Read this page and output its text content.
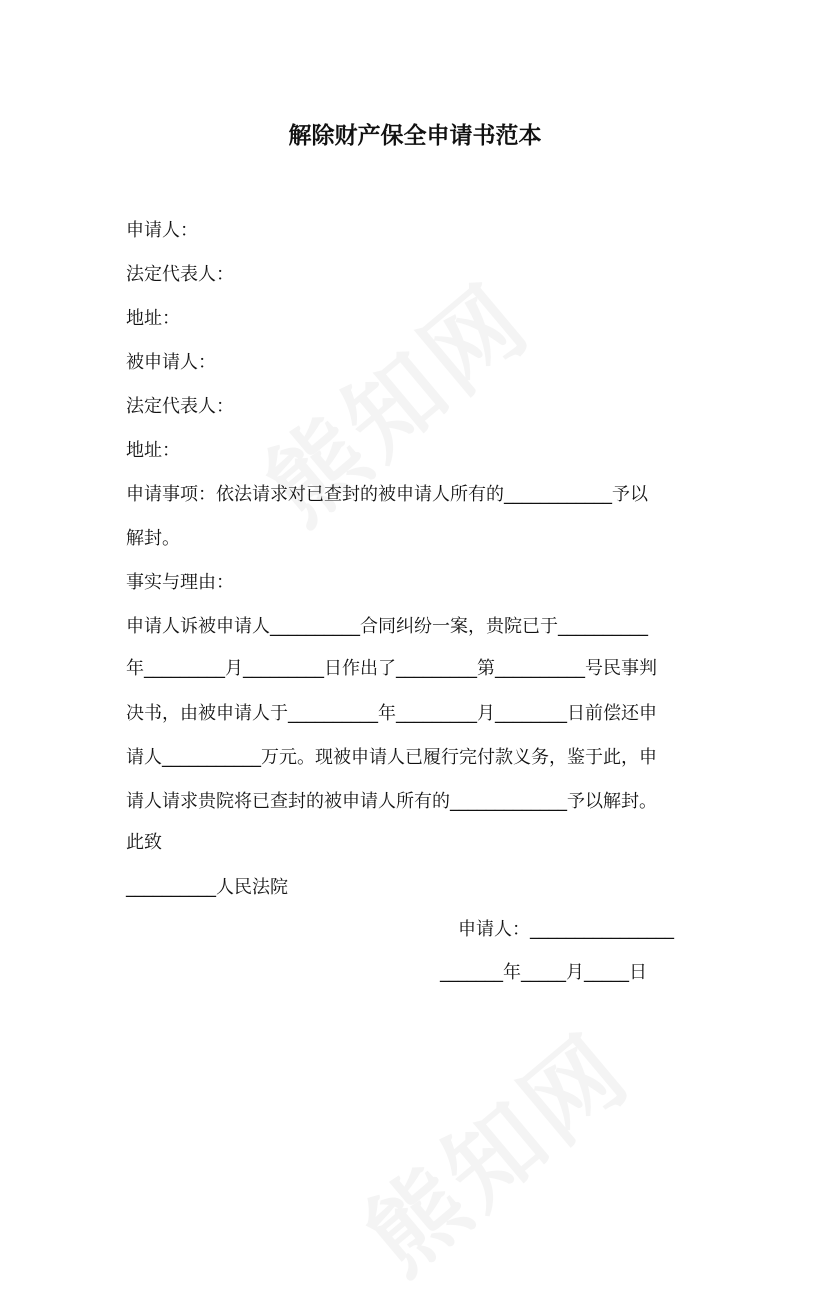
解除财产保全申请书范本
申请人：
法定代表人：
地址：
被申请人：
法定代表人：
地址：
申请事项：依法请求对已查封的被申请人所有的____________予以
解封。
事实与理由：
申请人诉被申请人__________合同纠纷一案，贵院已于__________
年_________月_________日作出了_________第__________号民事判
决书，由被申请人于__________年_________月________日前偿还申
请人___________万元。现被申请人已履行完付款义务，鉴于此，申
请人请求贵院将已查封的被申请人所有的_____________予以解封。
此致
__________人民法院
申请人：________________
_______年_____月_____日
